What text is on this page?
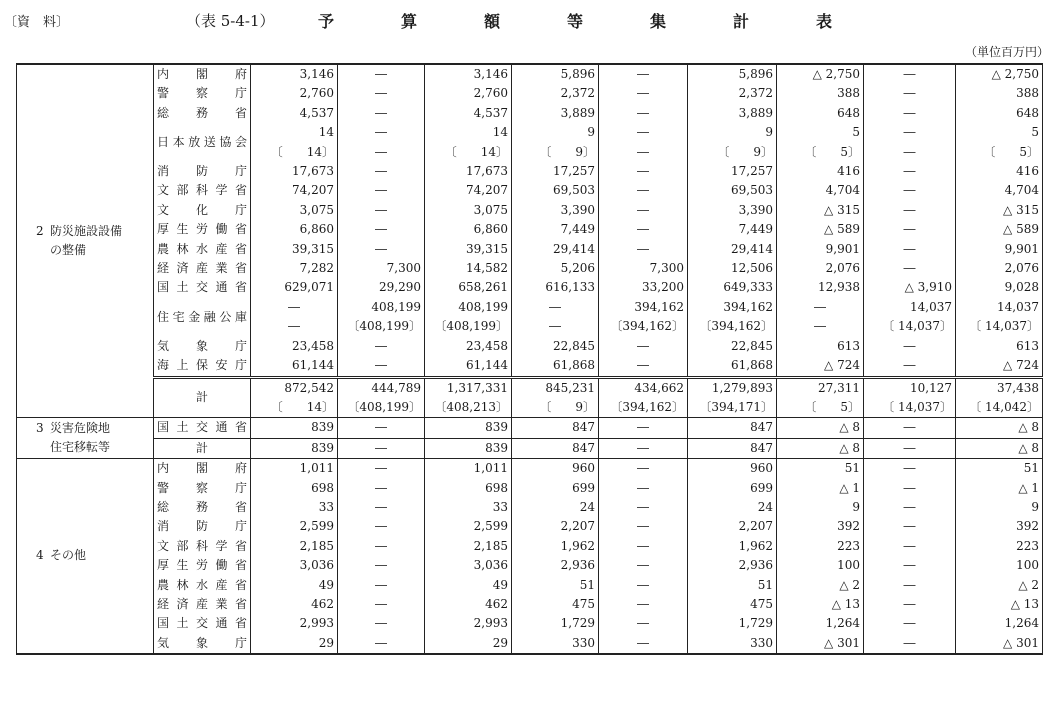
〔資　料〕	（表 5-4-1）	予	算	額	等	集	計	表
（単位百万円）
2 防災施設設備
の整備	内　閣　府	3,146	―	3,146	5,896	―	5,896	△ 2,750	―	△ 2,750
	警　察　庁	2,760	―	2,760	2,372	―	2,372	388	―	388
	総　務　省	4,537	―	4,537	3,889	―	3,889	648	―	648
	日本放送協会	14	―	14	9	―	9	5	―	5
		〔　　14〕	―	〔　　14〕	〔　　9〕	―	〔　　9〕	〔　　5〕	―	〔　　5〕
	消　防　庁	17,673	―	17,673	17,257	―	17,257	416	―	416
	文部科学省	74,207	―	74,207	69,503	―	69,503	4,704	―	4,704
	文　化　庁	3,075	―	3,075	3,390	―	3,390	△ 315	―	△ 315
	厚生労働省	6,860	―	6,860	7,449	―	7,449	△ 589	―	△ 589
	農林水産省	39,315	―	39,315	29,414	―	29,414	9,901	―	9,901
	経済産業省	7,282	7,300	14,582	5,206	7,300	12,506	2,076	―	2,076
	国土交通省	629,071	29,290	658,261	616,133	33,200	649,333	12,938	△ 3,910	9,028
	住宅金融公庫	―	408,199	408,199	―	394,162	394,162	―	14,037	14,037
		―	〔408,199〕	〔408,199〕	―	〔394,162〕	〔394,162〕	―	〔 14,037〕	〔 14,037〕
	気　象　庁	23,458	―	23,458	22,845	―	22,845	613	―	613
	海上保安庁	61,144	―	61,144	61,868	―	61,868	△ 724	―	△ 724
	計	872,542	444,789	1,317,331	845,231	434,662	1,279,893	27,311	10,127	37,438
		〔　　14〕	〔408,199〕	〔408,213〕	〔　　9〕	〔394,162〕	〔394,171〕	〔　　5〕	〔 14,037〕	〔 14,042〕
3 災害危険地
住宅移転等	国土交通省	839	―	839	847	―	847	△ 8	―	△ 8
	計	839	―	839	847	―	847	△ 8	―	△ 8
4 その他	内　閣　府	1,011	―	1,011	960	―	960	51	―	51
	警　察　庁	698	―	698	699	―	699	△ 1	―	△ 1
	総　務　省	33	―	33	24	―	24	9	―	9
	消　防　庁	2,599	―	2,599	2,207	―	2,207	392	―	392
	文部科学省	2,185	―	2,185	1,962	―	1,962	223	―	223
	厚生労働省	3,036	―	3,036	2,936	―	2,936	100	―	100
	農林水産省	49	―	49	51	―	51	△ 2	―	△ 2
	経済産業省	462	―	462	475	―	475	△ 13	―	△ 13
	国土交通省	2,993	―	2,993	1,729	―	1,729	1,264	―	1,264
	気　象　庁	29	―	29	330	―	330	△ 301	―	△ 301
